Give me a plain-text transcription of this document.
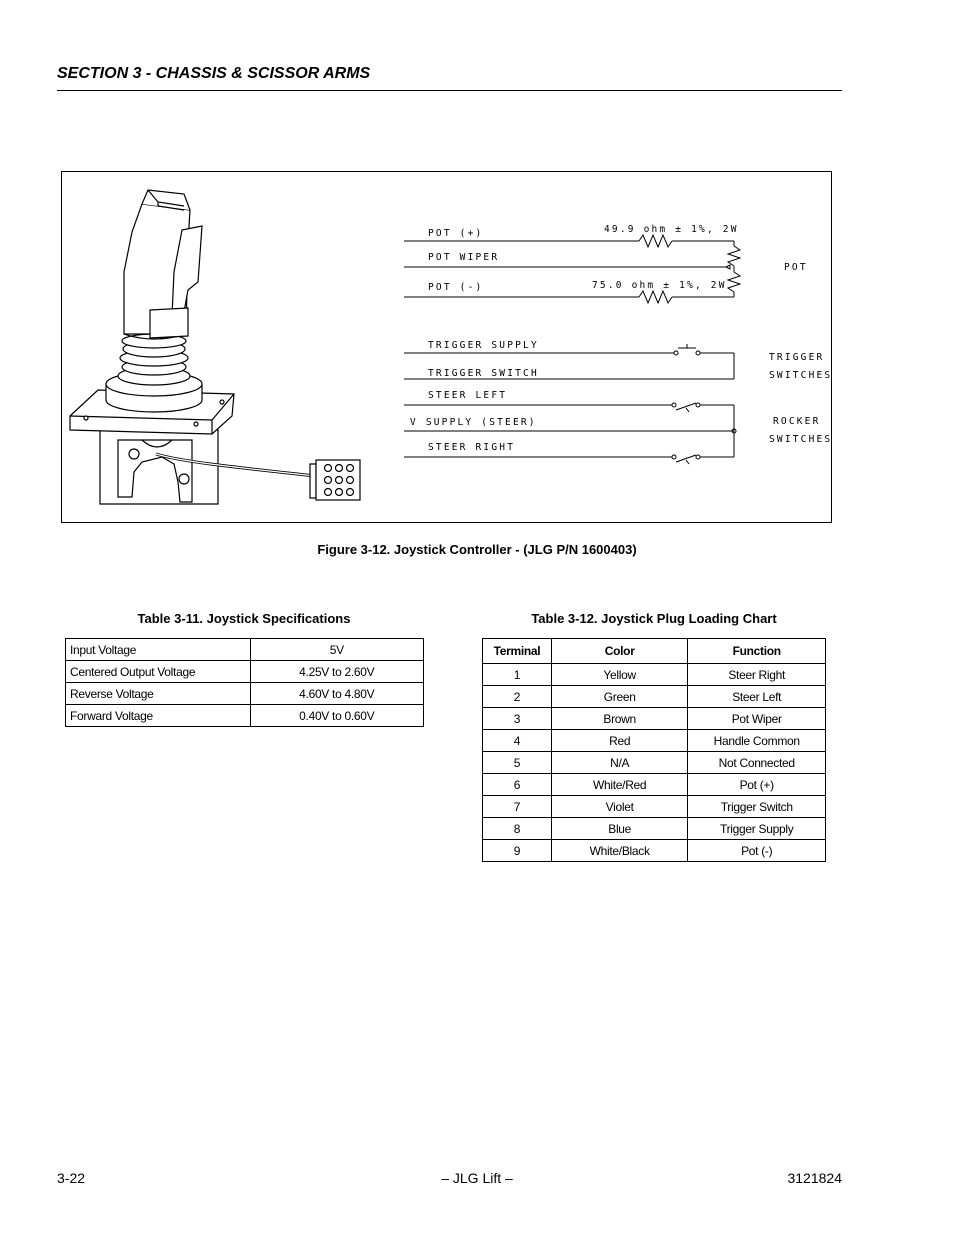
SECTION 3 - CHASSIS & SCISSOR ARMS
POT (+)
POT WIPER
POT (-)
49.9 ohm ± 1%, 2W
75.0 ohm ± 1%, 2W
POT
TRIGGER SUPPLY
TRIGGER SWITCH
TRIGGER
SWITCHES
STEER LEFT
V SUPPLY (STEER)
STEER RIGHT
ROCKER
SWITCHES
Figure 3-12. Joystick Controller - (JLG P/N 1600403)
Table 3-11. Joystick Specifications
Input Voltage	5V
Centered Output Voltage	4.25V to 2.60V
Reverse Voltage	4.60V to 4.80V
Forward Voltage	0.40V to 0.60V
Table 3-12. Joystick Plug Loading Chart
Terminal	Color	Function
1	Yellow	Steer Right
2	Green	Steer Left
3	Brown	Pot Wiper
4	Red	Handle Common
5	N/A	Not Connected
6	White/Red	Pot (+)
7	Violet	Trigger Switch
8	Blue	Trigger Supply
9	White/Black	Pot (-)
3-22	– JLG Lift –	3121824
